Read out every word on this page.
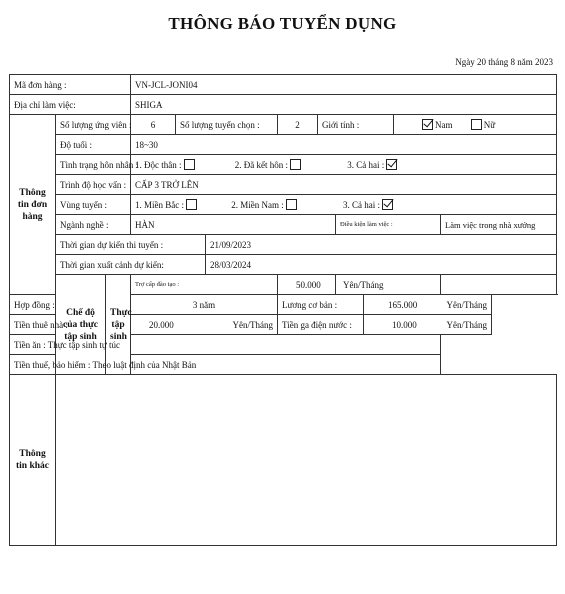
THÔNG BÁO TUYỂN DỤNG
Ngày 20 tháng 8 năm 2023
Mã đơn hàng :			VN-JCL-JONI04								
Địa chỉ làm việc:			SHIGA								
Thông tin đơn hàng	Số lượng ứng viên :		6	Số lượng tuyển chọn :		2	Giới tính :			Nam Nữ	
	Độ tuổi :		18~30								
	Tình trạng hôn nhân :		1. Độc thân : 2. Đã kết hôn : 3. Cả hai :								
	Trình độ học vấn :		CẤP 3 TRỞ LÊN								
	Vùng tuyển :		1. Miền Bắc : 2. Miền Nam : 3. Cả hai :								
	Ngành nghề :		HÀN					Điều kiện làm việc :			Làm việc trong nhà xưởng
	Thời gian dự kiến thi tuyển :				21/09/2023						
	Thời gian xuất cảnh dự kiến:				28/03/2024						
	Chế độ của thực tập sinh	Thực tập sinh	Trợ cấp đào tạo :			50.000 Yên/Tháng					
Hợp đồng :			3 năm			Lương cơ bản :			165.000 Yên/Tháng		

Tiền thuê nhà :			20.000 Yên/Tháng			Tiền ga điện nước :			10.000 Yên/Tháng		

Tiền ăn : Thực tập sinh tự túc											
Tiền thuế, bảo hiểm : Theo luật định của Nhật Bản											
Thông tin khác											
